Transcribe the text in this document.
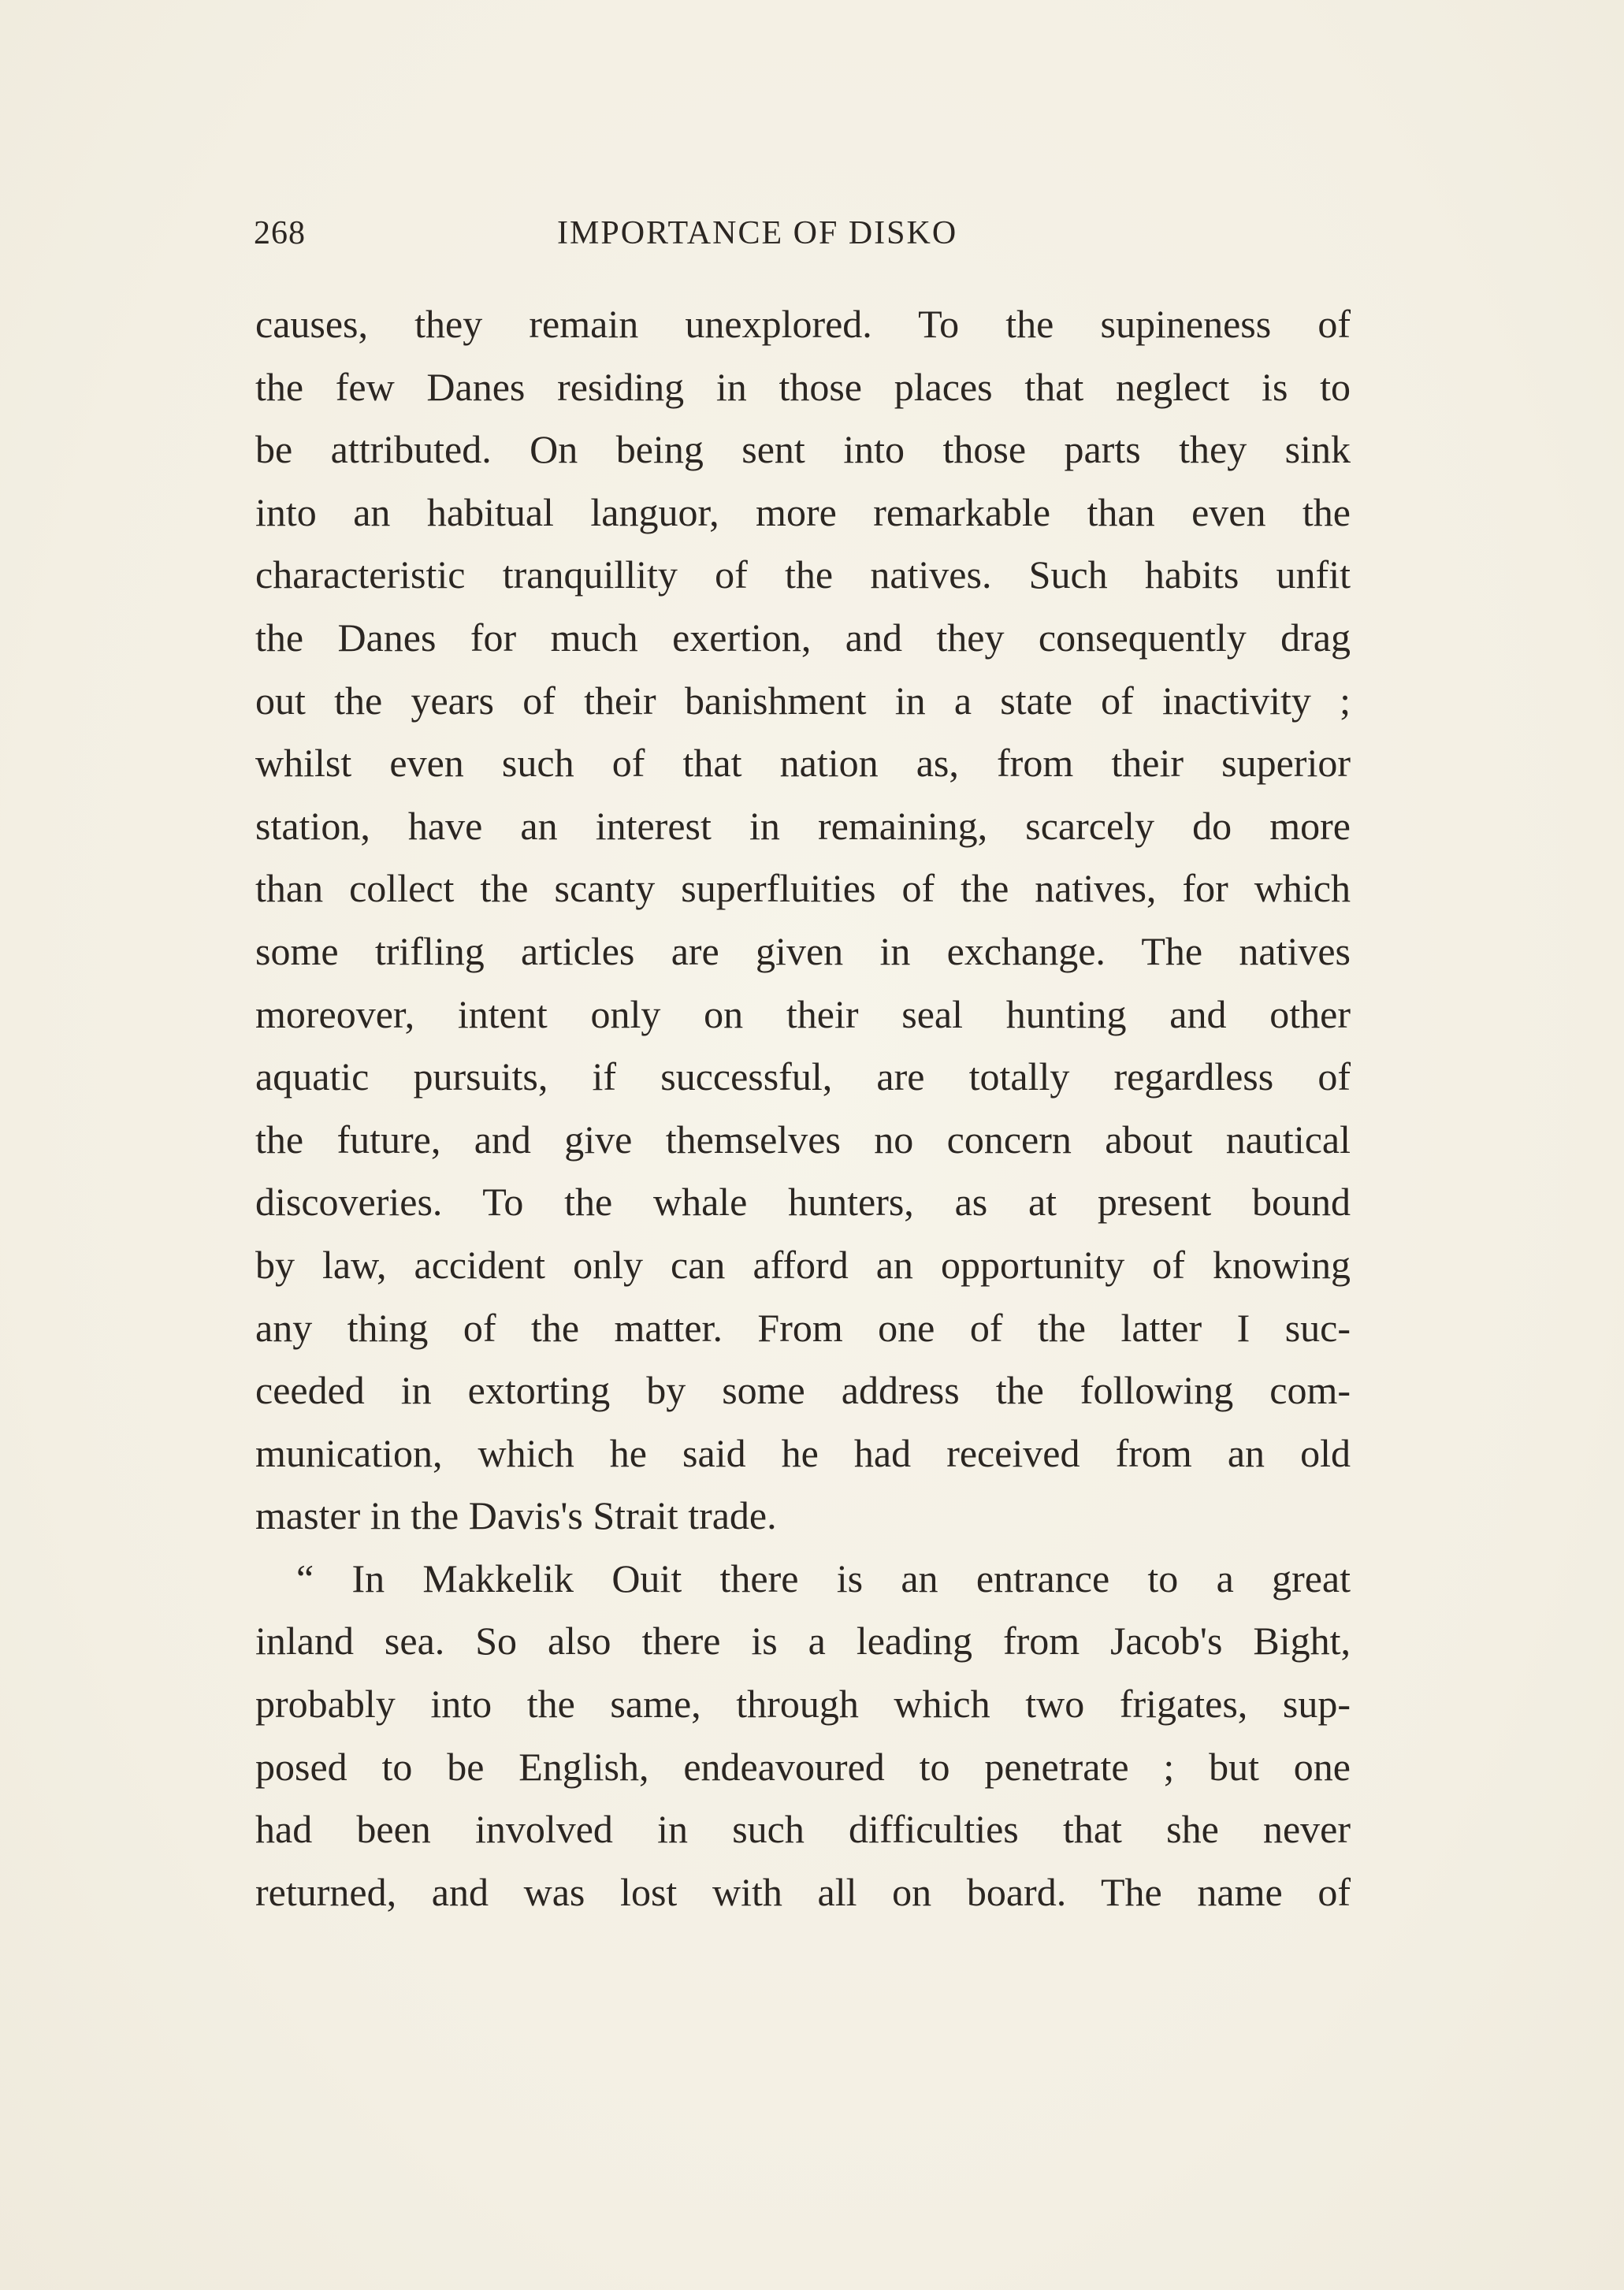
268	IMPORTANCE OF DISKO
causes, they remain unexplored. To the supineness of
the few Danes residing in those places that neglect is to
be attributed. On being sent into those parts they sink
into an habitual languor, more remarkable than even the
characteristic tranquillity of the natives. Such habits unfit
the Danes for much exertion, and they consequently drag
out the years of their banishment in a state of inactivity ;
whilst even such of that nation as, from their superior
station, have an interest in remaining, scarcely do more
than collect the scanty superfluities of the natives, for which
some trifling articles are given in exchange. The natives
moreover, intent only on their seal hunting and other
aquatic pursuits, if successful, are totally regardless of
the future, and give themselves no concern about nautical
discoveries. To the whale hunters, as at present bound
by law, accident only can afford an opportunity of knowing
any thing of the matter. From one of the latter I suc-
ceeded in extorting by some address the following com-
munication, which he said he had received from an old
master in the Davis's Strait trade.
“ In Makkelik Ouit there is an entrance to a great
inland sea. So also there is a leading from Jacob's Bight,
probably into the same, through which two frigates, sup-
posed to be English, endeavoured to penetrate ; but one
had been involved in such difficulties that she never
returned, and was lost with all on board. The name of
